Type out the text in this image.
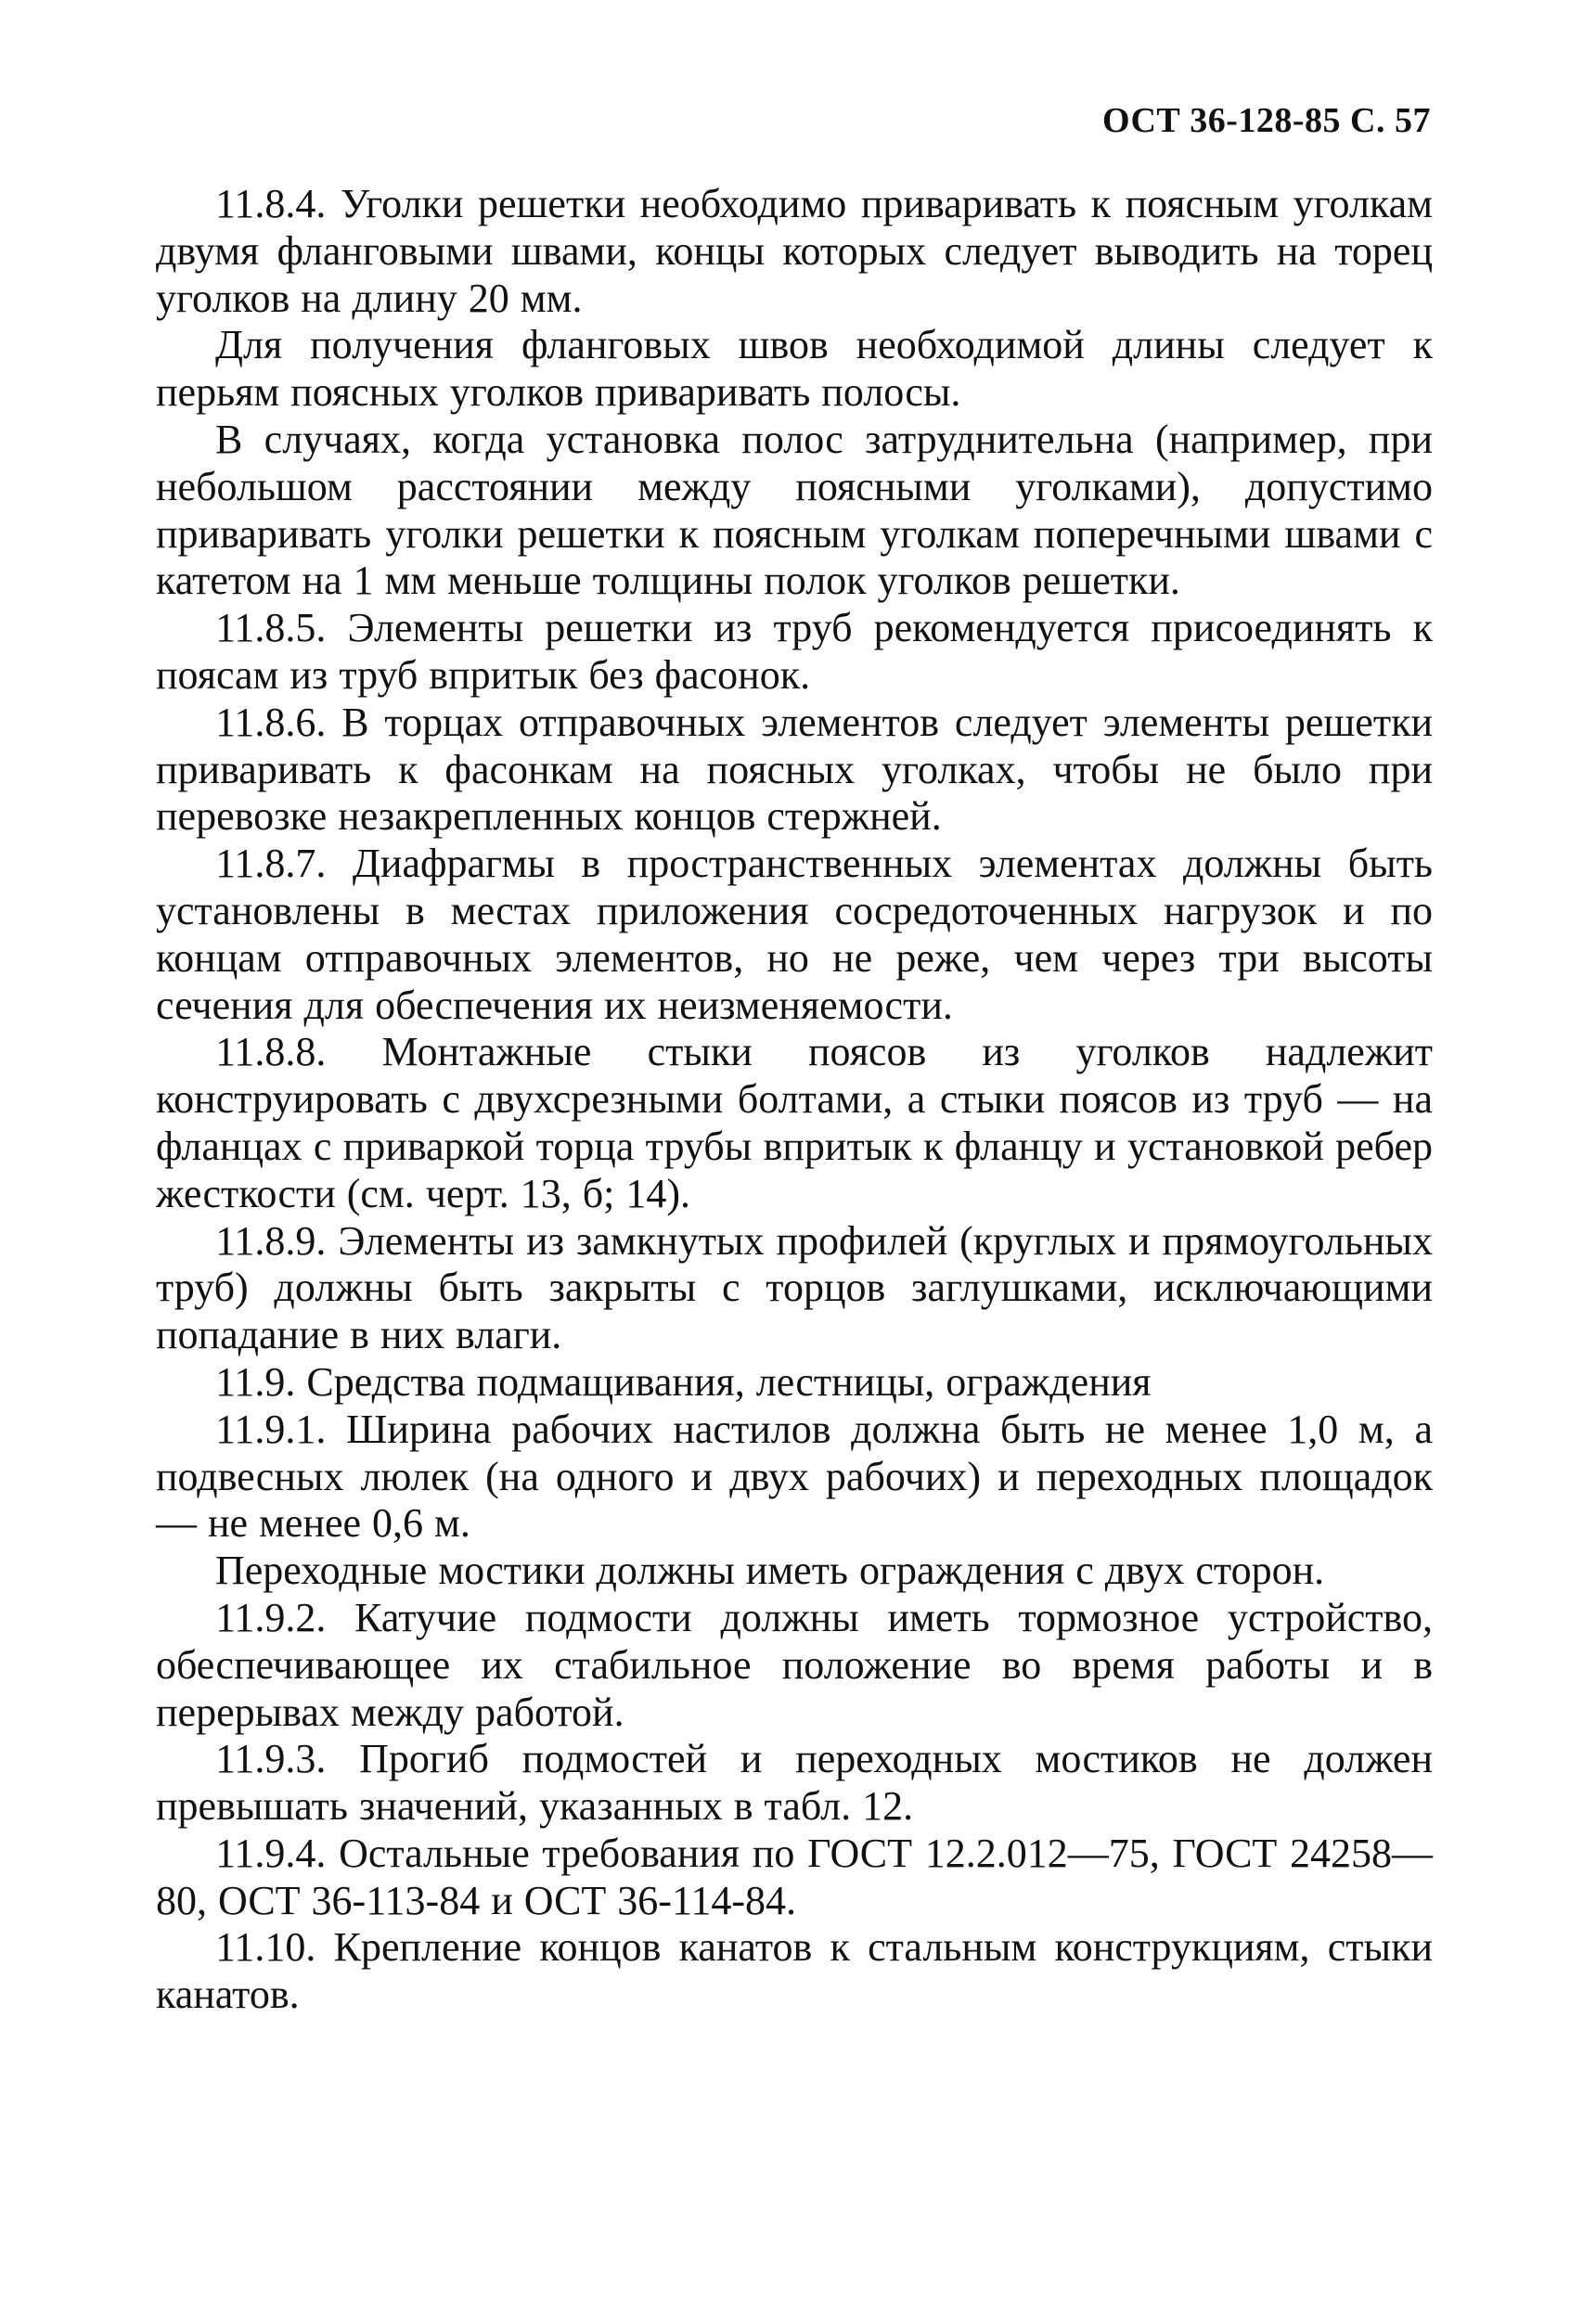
ОСТ 36-128-85 С. 57

11.8.4. Уголки решетки необходимо приваривать к поясным уголкам двумя фланговыми швами, концы которых следует выводить на торец уголков на длину 20 мм.

Для получения фланговых швов необходимой длины следует к перьям поясных уголков приваривать полосы.

В случаях, когда установка полос затруднительна (например, при небольшом расстоянии между поясными уголками), допустимо приваривать уголки решетки к поясным уголкам поперечными швами с катетом на 1 мм меньше толщины полок уголков решетки.

11.8.5. Элементы решетки из труб рекомендуется присоединять к поясам из труб впритык без фасонок.

11.8.6. В торцах отправочных элементов следует элементы решетки приваривать к фасонкам на поясных уголках, чтобы не было при перевозке незакрепленных концов стержней.

11.8.7. Диафрагмы в пространственных элементах должны быть установлены в местах приложения сосредоточенных нагрузок и по концам отправочных элементов, но не реже, чем через три высоты сечения для обеспечения их неизменяемости.

11.8.8. Монтажные стыки поясов из уголков надлежит конструировать с двухсрезными болтами, а стыки поясов из труб — на фланцах с приваркой торца трубы впритык к фланцу и установкой ребер жесткости (см. черт. 13, б; 14).

11.8.9. Элементы из замкнутых профилей (круглых и прямоугольных труб) должны быть закрыты с торцов заглушками, исключающими попадание в них влаги.

11.9. Средства подмащивания, лестницы, ограждения

11.9.1. Ширина рабочих настилов должна быть не менее 1,0 м, а подвесных люлек (на одного и двух рабочих) и переходных площадок — не менее 0,6 м.

Переходные мостики должны иметь ограждения с двух сторон.

11.9.2. Катучие подмости должны иметь тормозное устройство, обеспечивающее их стабильное положение во время работы и в перерывах между работой.

11.9.3. Прогиб подмостей и переходных мостиков не должен превышать значений, указанных в табл. 12.

11.9.4. Остальные требования по ГОСТ 12.2.012—75, ГОСТ 24258—80, ОСТ 36-113-84 и ОСТ 36-114-84.

11.10. Крепление концов канатов к стальным конструкциям, стыки канатов.
